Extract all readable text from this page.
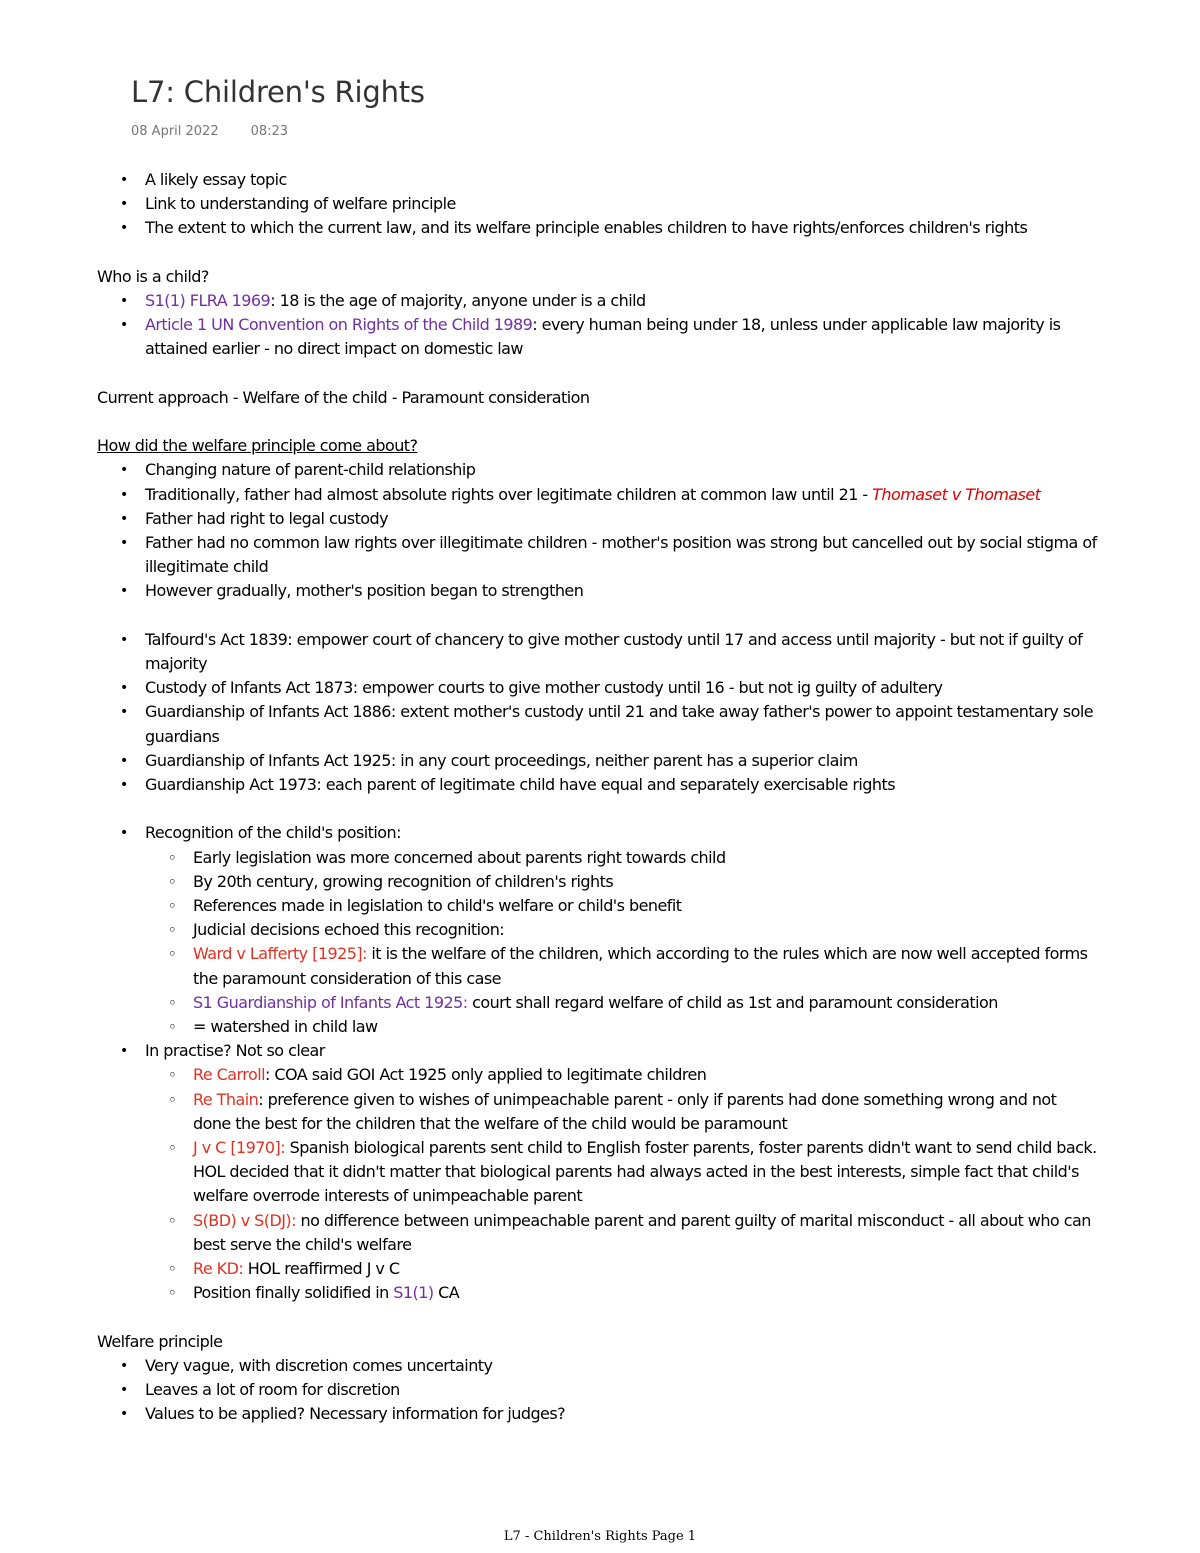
L7: Children's Rights
08 April 2022 08:23
• A likely essay topic
• Link to understanding of welfare principle
• The extent to which the current law, and its welfare principle enables children to have rights/enforces children's rights

Who is a child?

• S1(1) FLRA 1969: 18 is the age of majority, anyone under is a child
• Article 1 UN Convention on Rights of the Child 1989: every human being under 18, unless under applicable law majority is attained earlier - no direct impact on domestic law

Current approach - Welfare of the child - Paramount consideration

How did the welfare principle come about?

• Changing nature of parent-child relationship
• Traditionally, father had almost absolute rights over legitimate children at common law until 21 - Thomaset v Thomaset
• Father had right to legal custody
• Father had no common law rights over illegitimate children - mother's position was strong but cancelled out by social stigma of illegitimate child
• However gradually, mother's position began to strengthen
• Talfourd's Act 1839: empower court of chancery to give mother custody until 17 and access until majority - but not if guilty of majority
• Custody of Infants Act 1873: empower courts to give mother custody until 16 - but not ig guilty of adultery
• Guardianship of Infants Act 1886: extent mother's custody until 21 and take away father's power to appoint testamentary sole guardians
• Guardianship of Infants Act 1925: in any court proceedings, neither parent has a superior claim
• Guardianship Act 1973: each parent of legitimate child have equal and separately exercisable rights
• Recognition of the child's position:
◦ Early legislation was more concerned about parents right towards child
◦ By 20th century, growing recognition of children's rights
◦ References made in legislation to child's welfare or child's benefit
◦ Judicial decisions echoed this recognition:
◦ Ward v Lafferty [1925]: it is the welfare of the children, which according to the rules which are now well accepted forms the paramount consideration of this case
◦ S1 Guardianship of Infants Act 1925: court shall regard welfare of child as 1st and paramount consideration
◦ = watershed in child law
• In practise? Not so clear
◦ Re Carroll: COA said GOI Act 1925 only applied to legitimate children
◦ Re Thain: preference given to wishes of unimpeachable parent - only if parents had done something wrong and not done the best for the children that the welfare of the child would be paramount
◦ J v C [1970]: Spanish biological parents sent child to English foster parents, foster parents didn't want to send child back. HOL decided that it didn't matter that biological parents had always acted in the best interests, simple fact that child's welfare overrode interests of unimpeachable parent
◦ S(BD) v S(DJ): no difference between unimpeachable parent and parent guilty of marital misconduct - all about who can best serve the child's welfare
◦ Re KD: HOL reaffirmed J v C
◦ Position finally solidified in S1(1) CA

Welfare principle

• Very vague, with discretion comes uncertainty
• Leaves a lot of room for discretion
• Values to be applied? Necessary information for judges?
L7 - Children's Rights Page 1
